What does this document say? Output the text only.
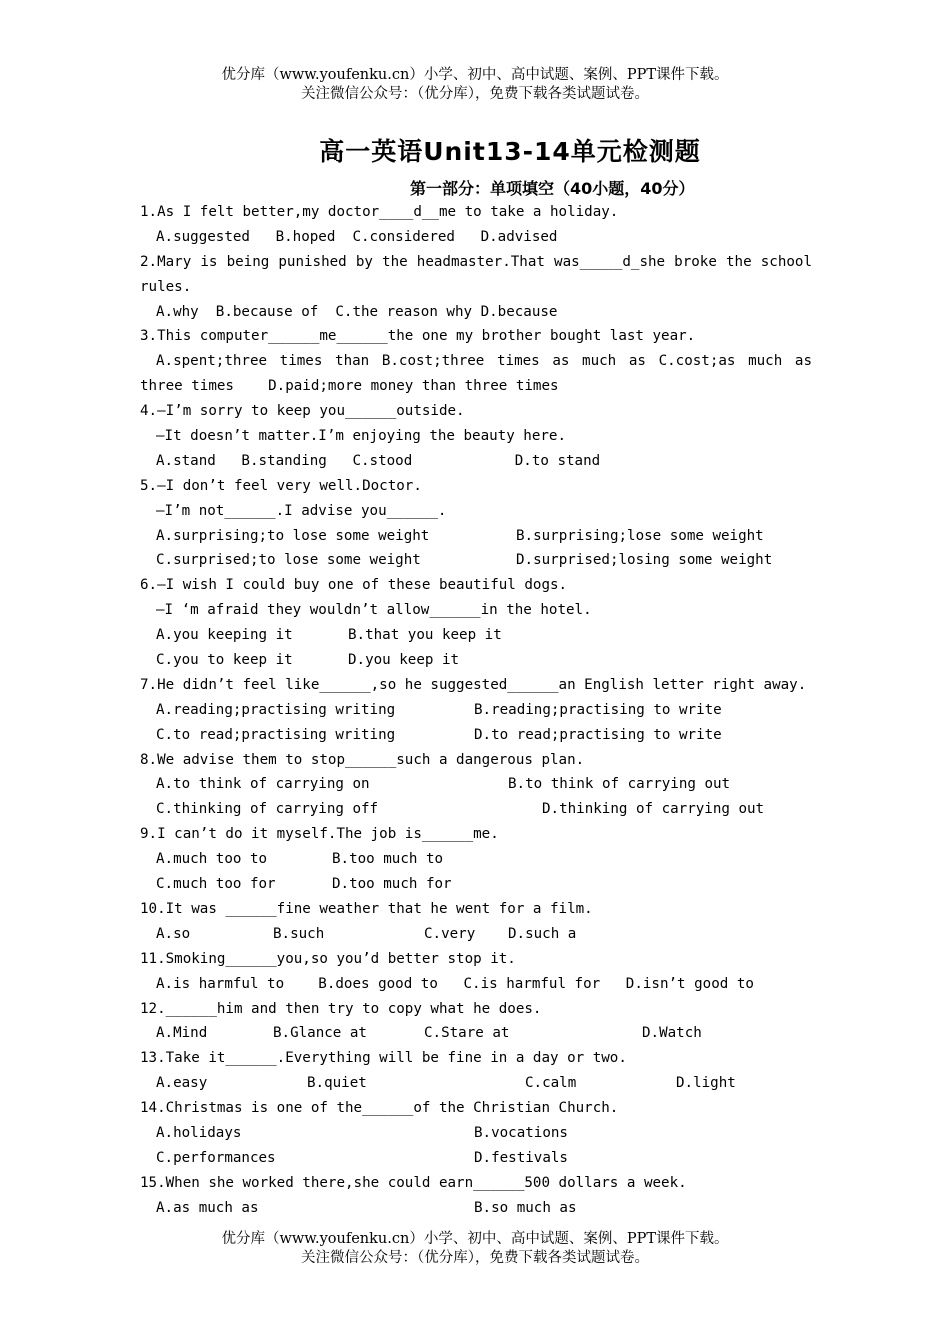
优分库（www.youfenku.cn）小学、初中、高中试题、案例、PPT课件下载。
关注微信公众号：（优分库），免费下载各类试题试卷。
高一英语Unit13-14单元检测题
第一部分：单项填空（40小题，40分）
1.As I felt better,my doctor____d__me to take a holiday.
A.suggested   B.hoped  C.considered   D.advised
2.Mary is being punished by the headmaster.That was_____d_she broke the school
rules.
A.why  B.because of  C.the reason why D.because
3.This computer______me______the one my brother bought last year.
A.spent;three times than B.cost;three times as much as C.cost;as much as
three times    D.paid;more money than three times
4.—I’m sorry to keep you______outside.
—It doesn’t matter.I’m enjoying the beauty here.
A.stand   B.standing   C.stood            D.to stand
5.—I don’t feel very well.Doctor.
—I’m not______.I advise you______.

A.surprising;to lose some weight

	B.surprising;lose some weight

C.surprised;to lose some weight

	D.surprised;losing some weight

6.—I wish I could buy one of these beautiful dogs.
—I ‘m afraid they wouldn’t allow______in the hotel.

A.you keeping it

	B.that you keep it

C.you to keep it

	D.you keep it

7.He didn’t feel like______,so he suggested______an English letter right away.

A.reading;practising writing

	B.reading;practising to write

C.to read;practising writing

	D.to read;practising to write

8.We advise them to stop______such a dangerous plan.

A.to think of carrying on

	B.to think of carrying out

C.thinking of carrying off

	D.thinking of carrying out

9.I can’t do it myself.The job is______me.

A.much too to

	B.too much to

C.much too for

	D.too much for

10.It was ______fine weather that he went for a film.

A.so

	B.such

	C.very

D.such a

11.Smoking______you,so you’d better stop it.
A.is harmful to    B.does good to   C.is harmful for   D.isn’t good to
12.______him and then try to copy what he does.

A.Mind

	B.Glance at

	C.Stare at

	D.Watch

13.Take it______.Everything will be fine in a day or two.

A.easy

	B.quiet

	C.calm

	D.light

14.Christmas is one of the______of the Christian Church.

A.holidays

	B.vocations

C.performances

	D.festivals

15.When she worked there,she could earn______500 dollars a week.

A.as much as

	B.so much as

优分库（www.youfenku.cn）小学、初中、高中试题、案例、PPT课件下载。
关注微信公众号：（优分库），免费下载各类试题试卷。
